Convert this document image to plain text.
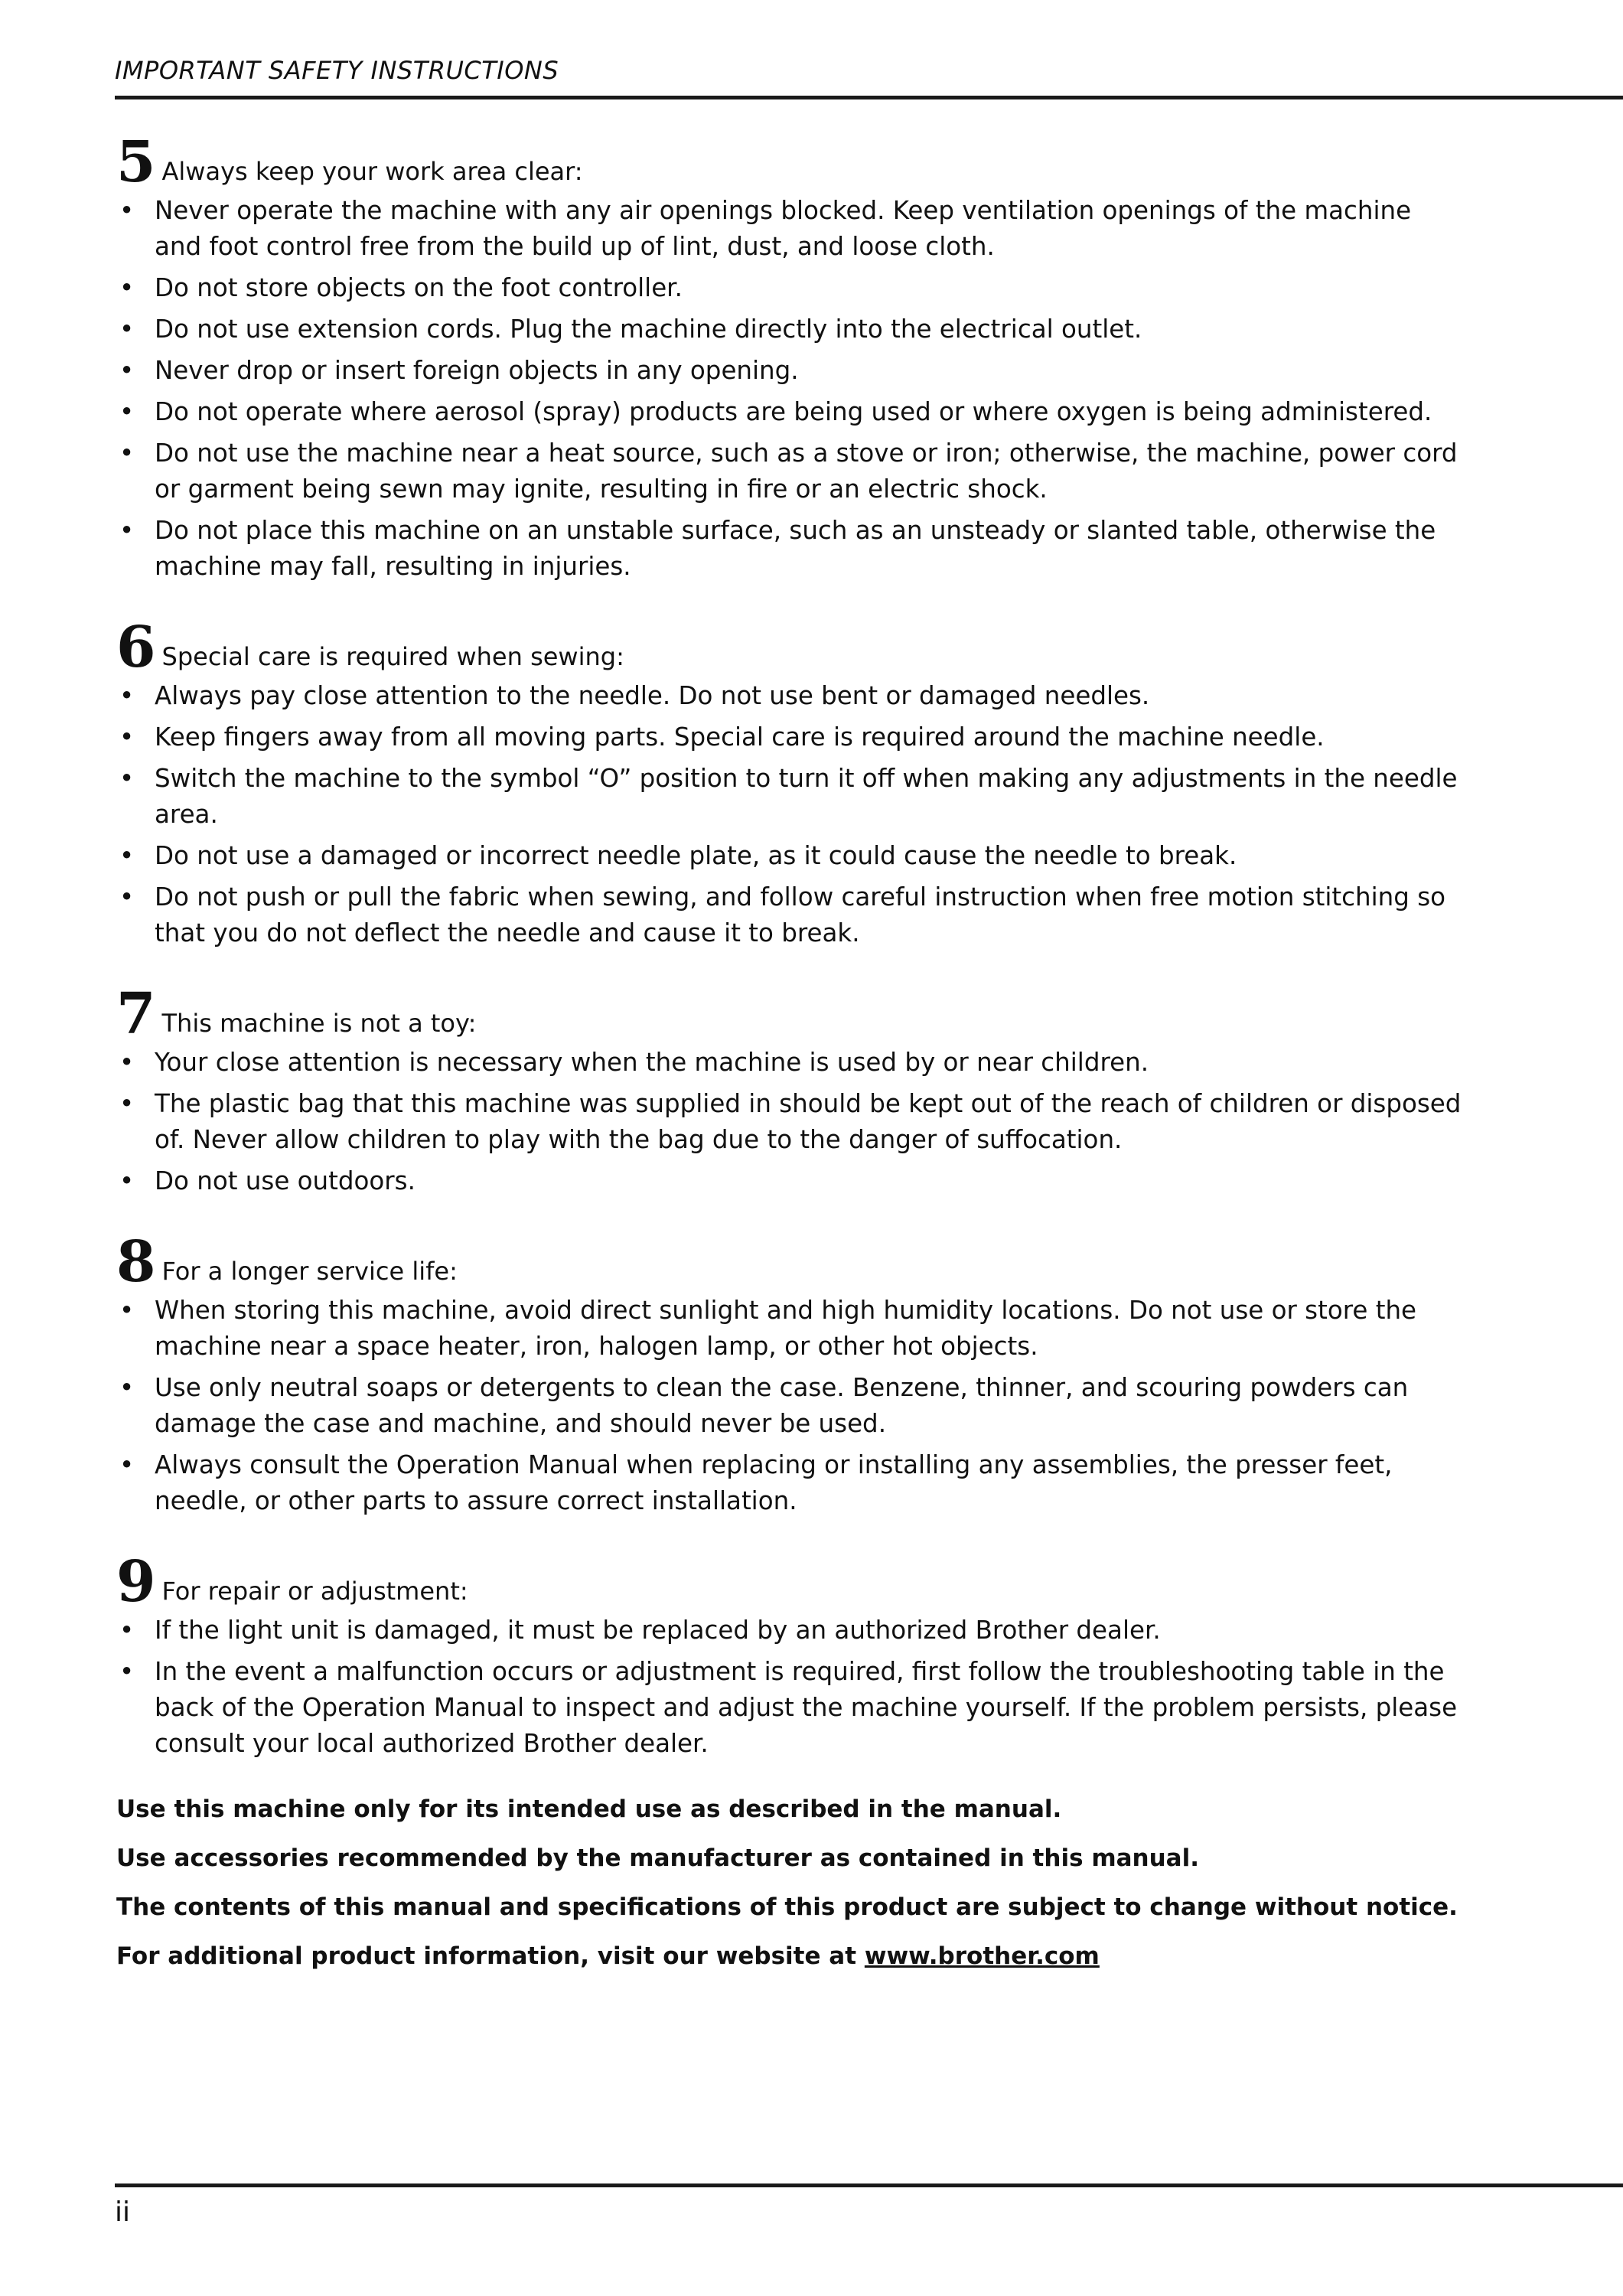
IMPORTANT SAFETY INSTRUCTIONS
5 Always keep your work area clear:
• Never operate the machine with any air openings blocked. Keep ventilation openings of the machine and foot control free from the build up of lint, dust, and loose cloth.
• Do not store objects on the foot controller.
• Do not use extension cords. Plug the machine directly into the electrical outlet.
• Never drop or insert foreign objects in any opening.
• Do not operate where aerosol (spray) products are being used or where oxygen is being administered.
• Do not use the machine near a heat source, such as a stove or iron; otherwise, the machine, power cord or garment being sewn may ignite, resulting in fire or an electric shock.
• Do not place this machine on an unstable surface, such as an unsteady or slanted table, otherwise the machine may fall, resulting in injuries.
6 Special care is required when sewing:
• Always pay close attention to the needle. Do not use bent or damaged needles.
• Keep fingers away from all moving parts. Special care is required around the machine needle.
• Switch the machine to the symbol “O” position to turn it off when making any adjustments in the needle area.
• Do not use a damaged or incorrect needle plate, as it could cause the needle to break.
• Do not push or pull the fabric when sewing, and follow careful instruction when free motion stitching so that you do not deflect the needle and cause it to break.
7 This machine is not a toy:
• Your close attention is necessary when the machine is used by or near children.
• The plastic bag that this machine was supplied in should be kept out of the reach of children or disposed of. Never allow children to play with the bag due to the danger of suffocation.
• Do not use outdoors.
8 For a longer service life:
• When storing this machine, avoid direct sunlight and high humidity locations. Do not use or store the machine near a space heater, iron, halogen lamp, or other hot objects.
• Use only neutral soaps or detergents to clean the case. Benzene, thinner, and scouring powders can damage the case and machine, and should never be used.
• Always consult the Operation Manual when replacing or installing any assemblies, the presser feet, needle, or other parts to assure correct installation.
9 For repair or adjustment:
• If the light unit is damaged, it must be replaced by an authorized Brother dealer.
• In the event a malfunction occurs or adjustment is required, first follow the troubleshooting table in the back of the Operation Manual to inspect and adjust the machine yourself. If the problem persists, please consult your local authorized Brother dealer.
Use this machine only for its intended use as described in the manual.
Use accessories recommended by the manufacturer as contained in this manual.
The contents of this manual and specifications of this product are subject to change without notice.
For additional product information, visit our website at www.brother.com
ii
